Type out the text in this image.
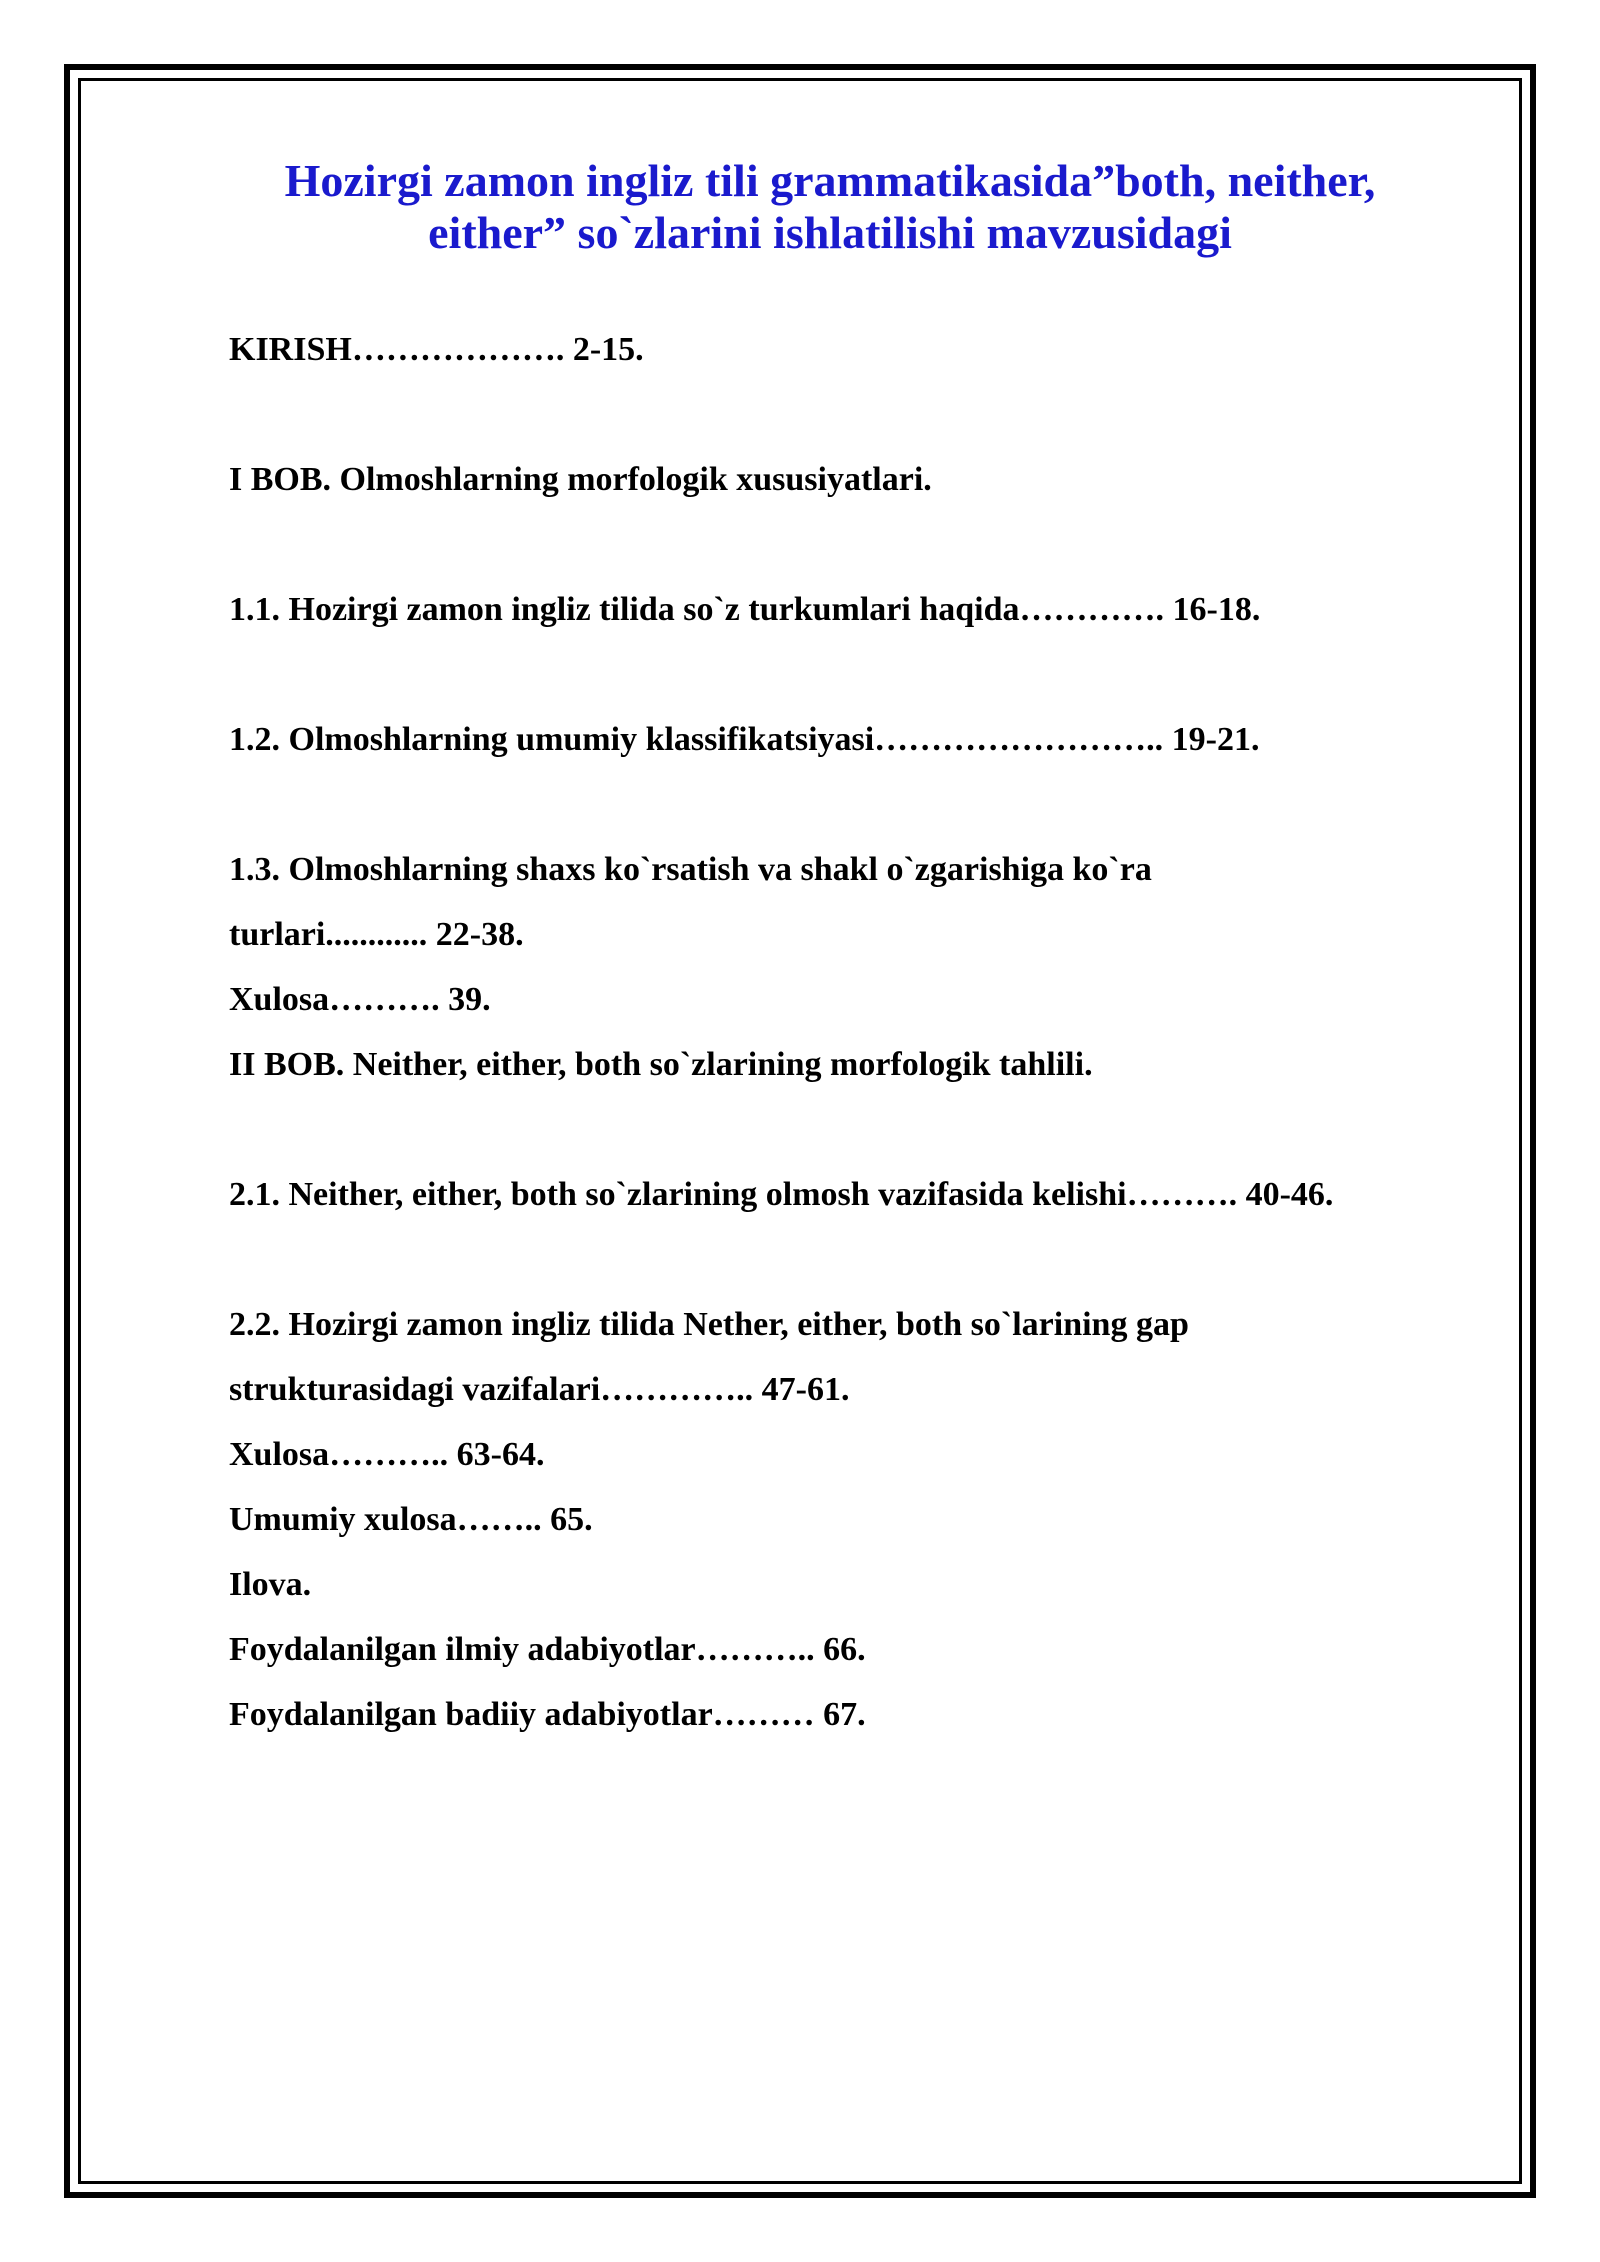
Hozirgi zamon ingliz tili grammatikasida”both, neither,
either” so`zlarini ishlatilishi mavzusidagi
KIRISH………………. 2-15.
I BOB. Olmoshlarning morfologik xususiyatlari.
1.1. Hozirgi zamon ingliz tilida so`z turkumlari haqida…………. 16-18.
1.2. Olmoshlarning umumiy klassifikatsiyasi…………………….. 19-21.
1.3. Olmoshlarning shaxs ko`rsatish va shakl o`zgarishiga ko`ra
turlari............ 22-38.
Xulosa………. 39.
II BOB. Neither, either, both so`zlarining morfologik tahlili.
2.1. Neither, either, both so`zlarining olmosh vazifasida kelishi………. 40-46.
2.2. Hozirgi zamon ingliz tilida Nether, either, both so`larining gap
strukturasidagi vazifalari………….. 47-61.
Xulosa……….. 63-64.
Umumiy xulosa…….. 65.
Ilova.
Foydalanilgan ilmiy adabiyotlar……….. 66.
Foydalanilgan badiiy adabiyotlar……… 67.
